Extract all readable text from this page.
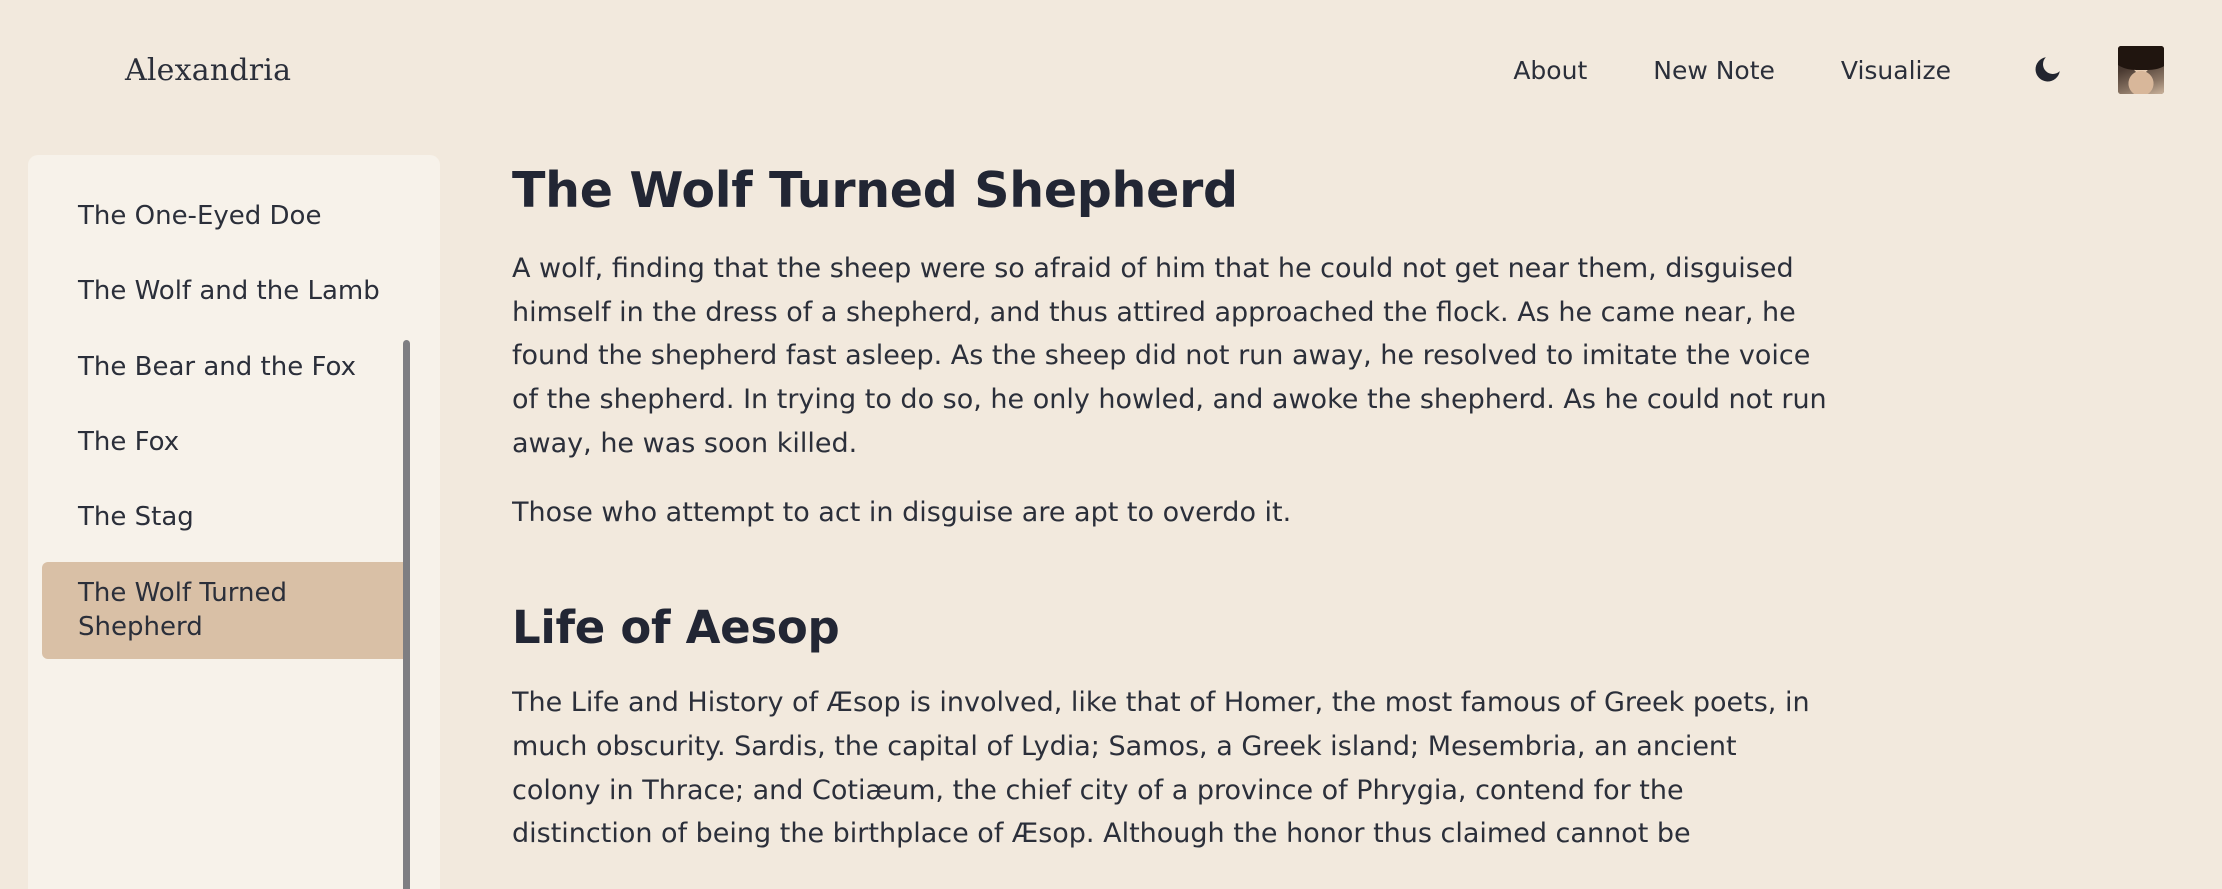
Alexandria	About	New Note	Visualize
The One-Eyed Doe
The Wolf and the Lamb
The Bear and the Fox
The Fox
The Stag
The Wolf Turned Shepherd
The Wolf Turned Shepherd

A wolf, finding that the sheep were so afraid of him that he could not get near them, disguised himself in the dress of a shepherd, and thus attired approached the flock. As he came near, he found the shepherd fast asleep. As the sheep did not run away, he resolved to imitate the voice of the shepherd. In trying to do so, he only howled, and awoke the shepherd. As he could not run away, he was soon killed.

Those who attempt to act in disguise are apt to overdo it.

Life of Aesop

The Life and History of Æsop is involved, like that of Homer, the most famous of Greek poets, in much obscurity. Sardis, the capital of Lydia; Samos, a Greek island; Mesembria, an ancient colony in Thrace; and Cotiæum, the chief city of a province of Phrygia, contend for the distinction of being the birthplace of Æsop. Although the honor thus claimed cannot be
